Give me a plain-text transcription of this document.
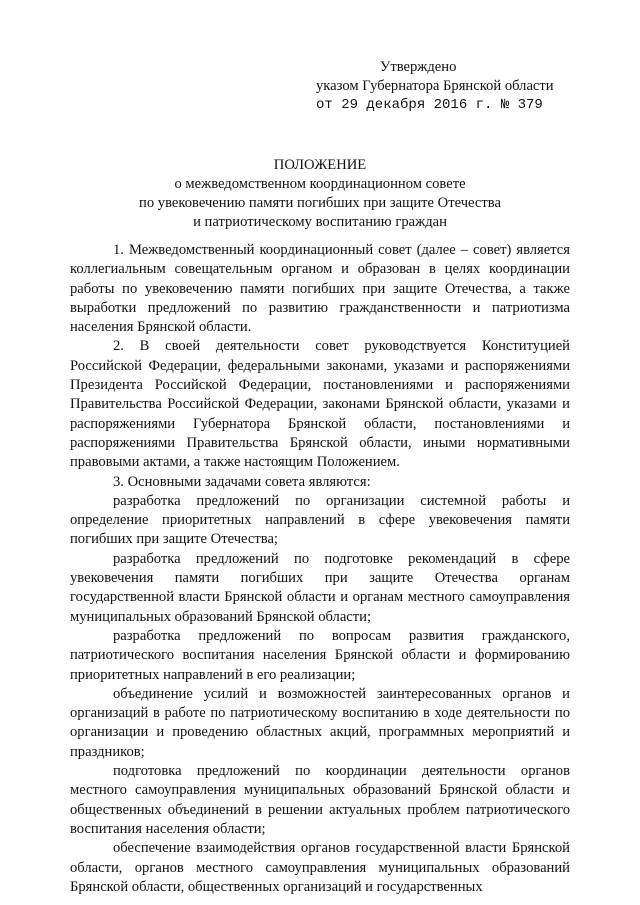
Утверждено
указом Губернатора Брянской области
от 29 декабря 2016 г. № 379
ПОЛОЖЕНИЕ
о межведомственном координационном совете
по увековечению памяти погибших при защите Отечества
и патриотическому воспитанию граждан

1. Межведомственный координационный совет (далее – совет) является коллегиальным совещательным органом и образован в целях координации работы по увековечению памяти погибших при защите Отечества, а также выработки предложений по развитию гражданственности и патриотизма населения Брянской области.

2. В своей деятельности совет руководствуется Конституцией Российской Федерации, федеральными законами, указами и распоряжениями Президента Российской Федерации, постановлениями и распоряжениями Правительства Российской Федерации, законами Брянской области, указами и распоряжениями Губернатора Брянской области, постановлениями и распоряжениями Правительства Брянской области, иными нормативными правовыми актами, а также настоящим Положением.

3. Основными задачами совета являются:

разработка предложений по организации системной работы и определение приоритетных направлений в сфере увековечения памяти погибших при защите Отечества;

разработка предложений по подготовке рекомендаций в сфере увековечения памяти погибших при защите Отечества органам государственной власти Брянской области и органам местного самоуправления муниципальных образований Брянской области;

разработка предложений по вопросам развития гражданского, патриотического воспитания населения Брянской области и формированию приоритетных направлений в его реализации;

объединение усилий и возможностей заинтересованных органов и организаций в работе по патриотическому воспитанию в ходе деятельности по организации и проведению областных акций, программных мероприятий и праздников;

подготовка предложений по координации деятельности органов местного самоуправления муниципальных образований Брянской области и общественных объединений в решении актуальных проблем патриотического воспитания населения области;

обеспечение взаимодействия органов государственной власти Брянской области, органов местного самоуправления муниципальных образований Брянской области, общественных организаций и государственных
